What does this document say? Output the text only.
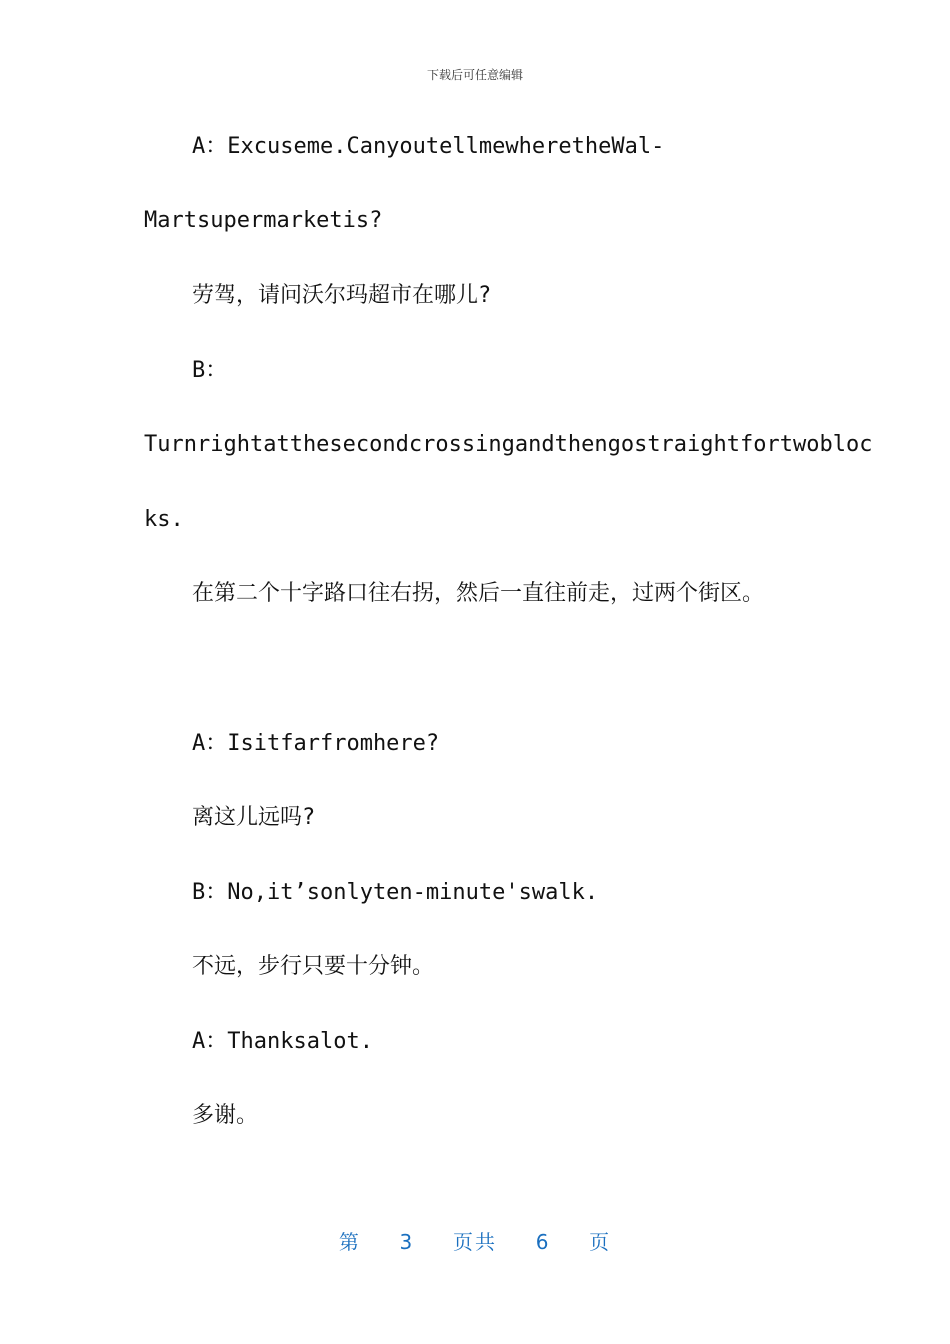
下载后可任意编辑
A：Excuseme.CanyoutellmewheretheWal-
Martsupermarketis?
劳驾，请问沃尔玛超市在哪儿?
B：
Turnrightatthesecondcrossingandthengostraightfortwobloc
ks.
在第二个十字路口往右拐，然后一直往前走，过两个街区。
A：Isitfarfromhere?
离这儿远吗?
B：No,it’sonlyten-minute'swalk.
不远，步行只要十分钟。
A：Thanksalot.
多谢。
第 3 页共 6 页
